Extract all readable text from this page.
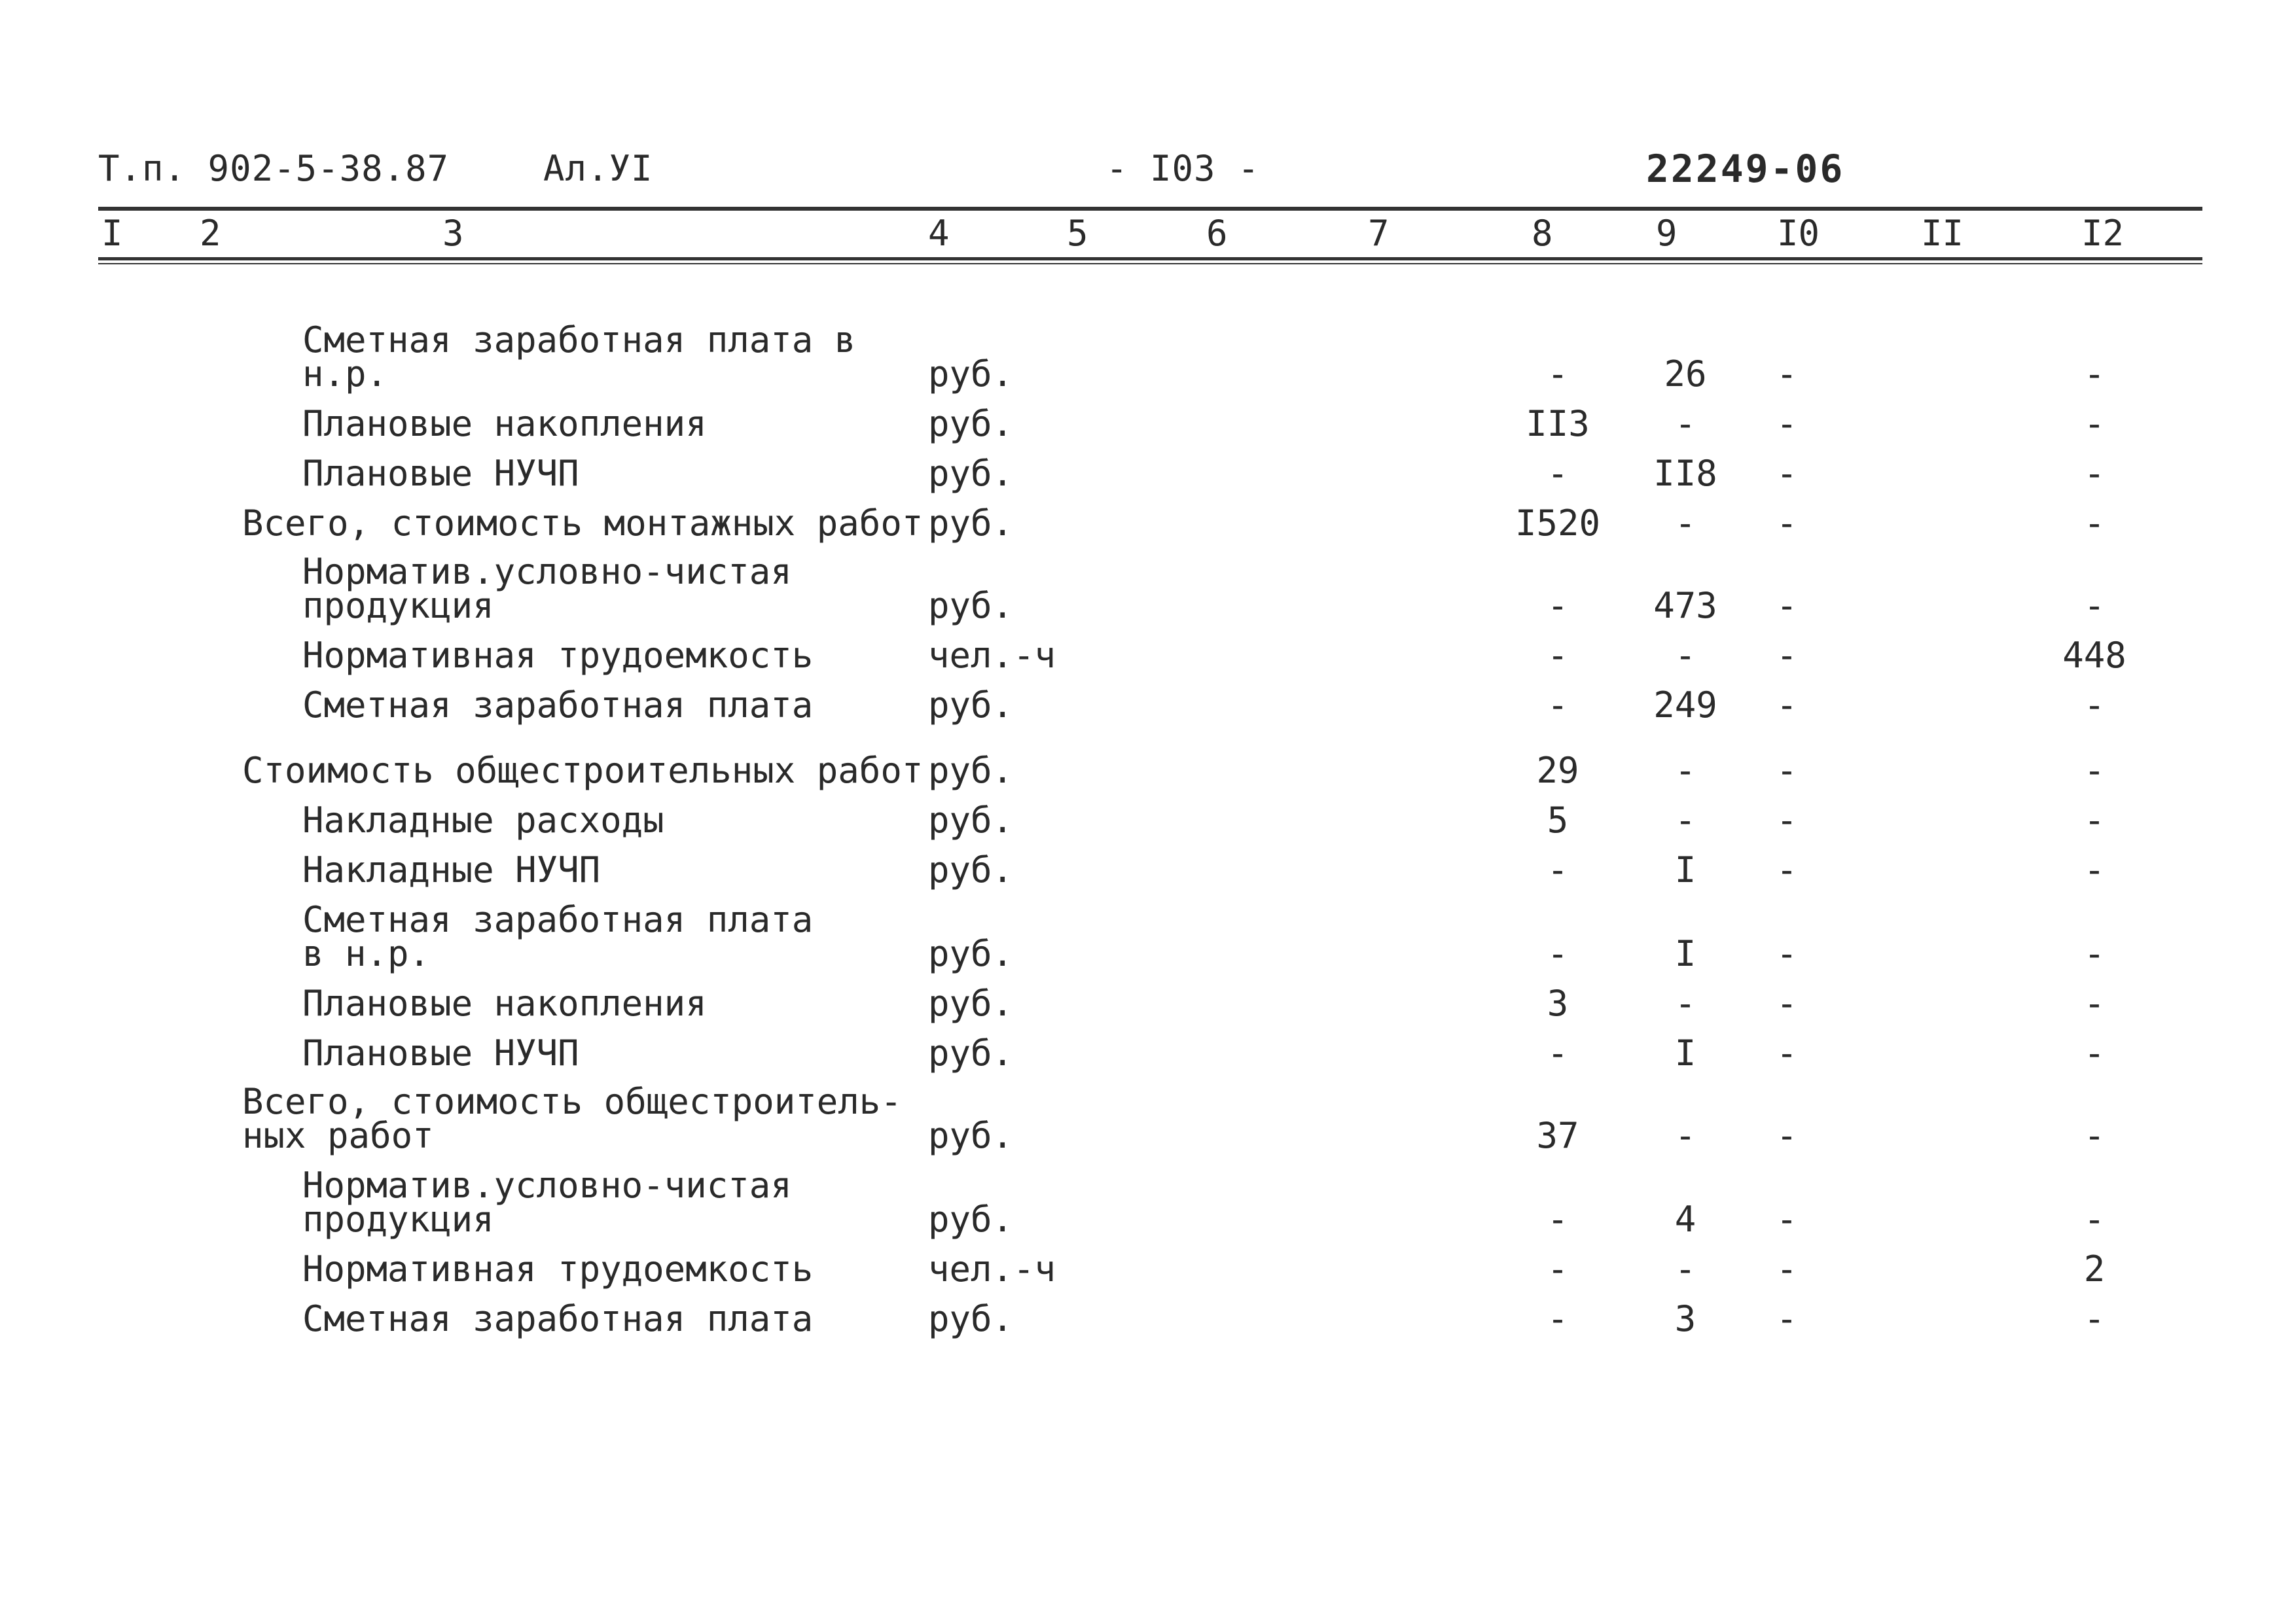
Т.п. 902-5-38.87	Ал.УI	- I03 -	22249-06
I 2	3	4	5	6	7	8	9	I0	II	I2
Сметная заработная плата в
н.р.	руб.	-	26	-	-
Плановые накопления	руб.	II3	-	-	-
Плановые НУЧП	руб.	-	II8	-	-
Всего, стоимость монтажных работ руб.	I520	-	-	-
Норматив.условно-чистая
продукция	руб.	-	473	-	-
Нормативная трудоемкость	чел.-ч	-	-	-	448
Сметная заработная плата	руб.	-	249	-	-
Стоимость общестроительных работ руб.	29	-	-	-
Накладные расходы	руб.	5	-	-	-
Накладные НУЧП	руб.	-	I	-	-
Сметная заработная плата
в н.р.	руб.	-	I	-	-
Плановые накопления	руб.	3	-	-	-
Плановые НУЧП	руб.	-	I	-	-
Всего, стоимость общестроитель-
ных работ	руб.	37	-	-	-
Норматив.условно-чистая
продукция	руб.	-	4	-	-
Нормативная трудоемкость	чел.-ч	-	-	-	2
Сметная заработная плата	руб.	-	3	-	-
